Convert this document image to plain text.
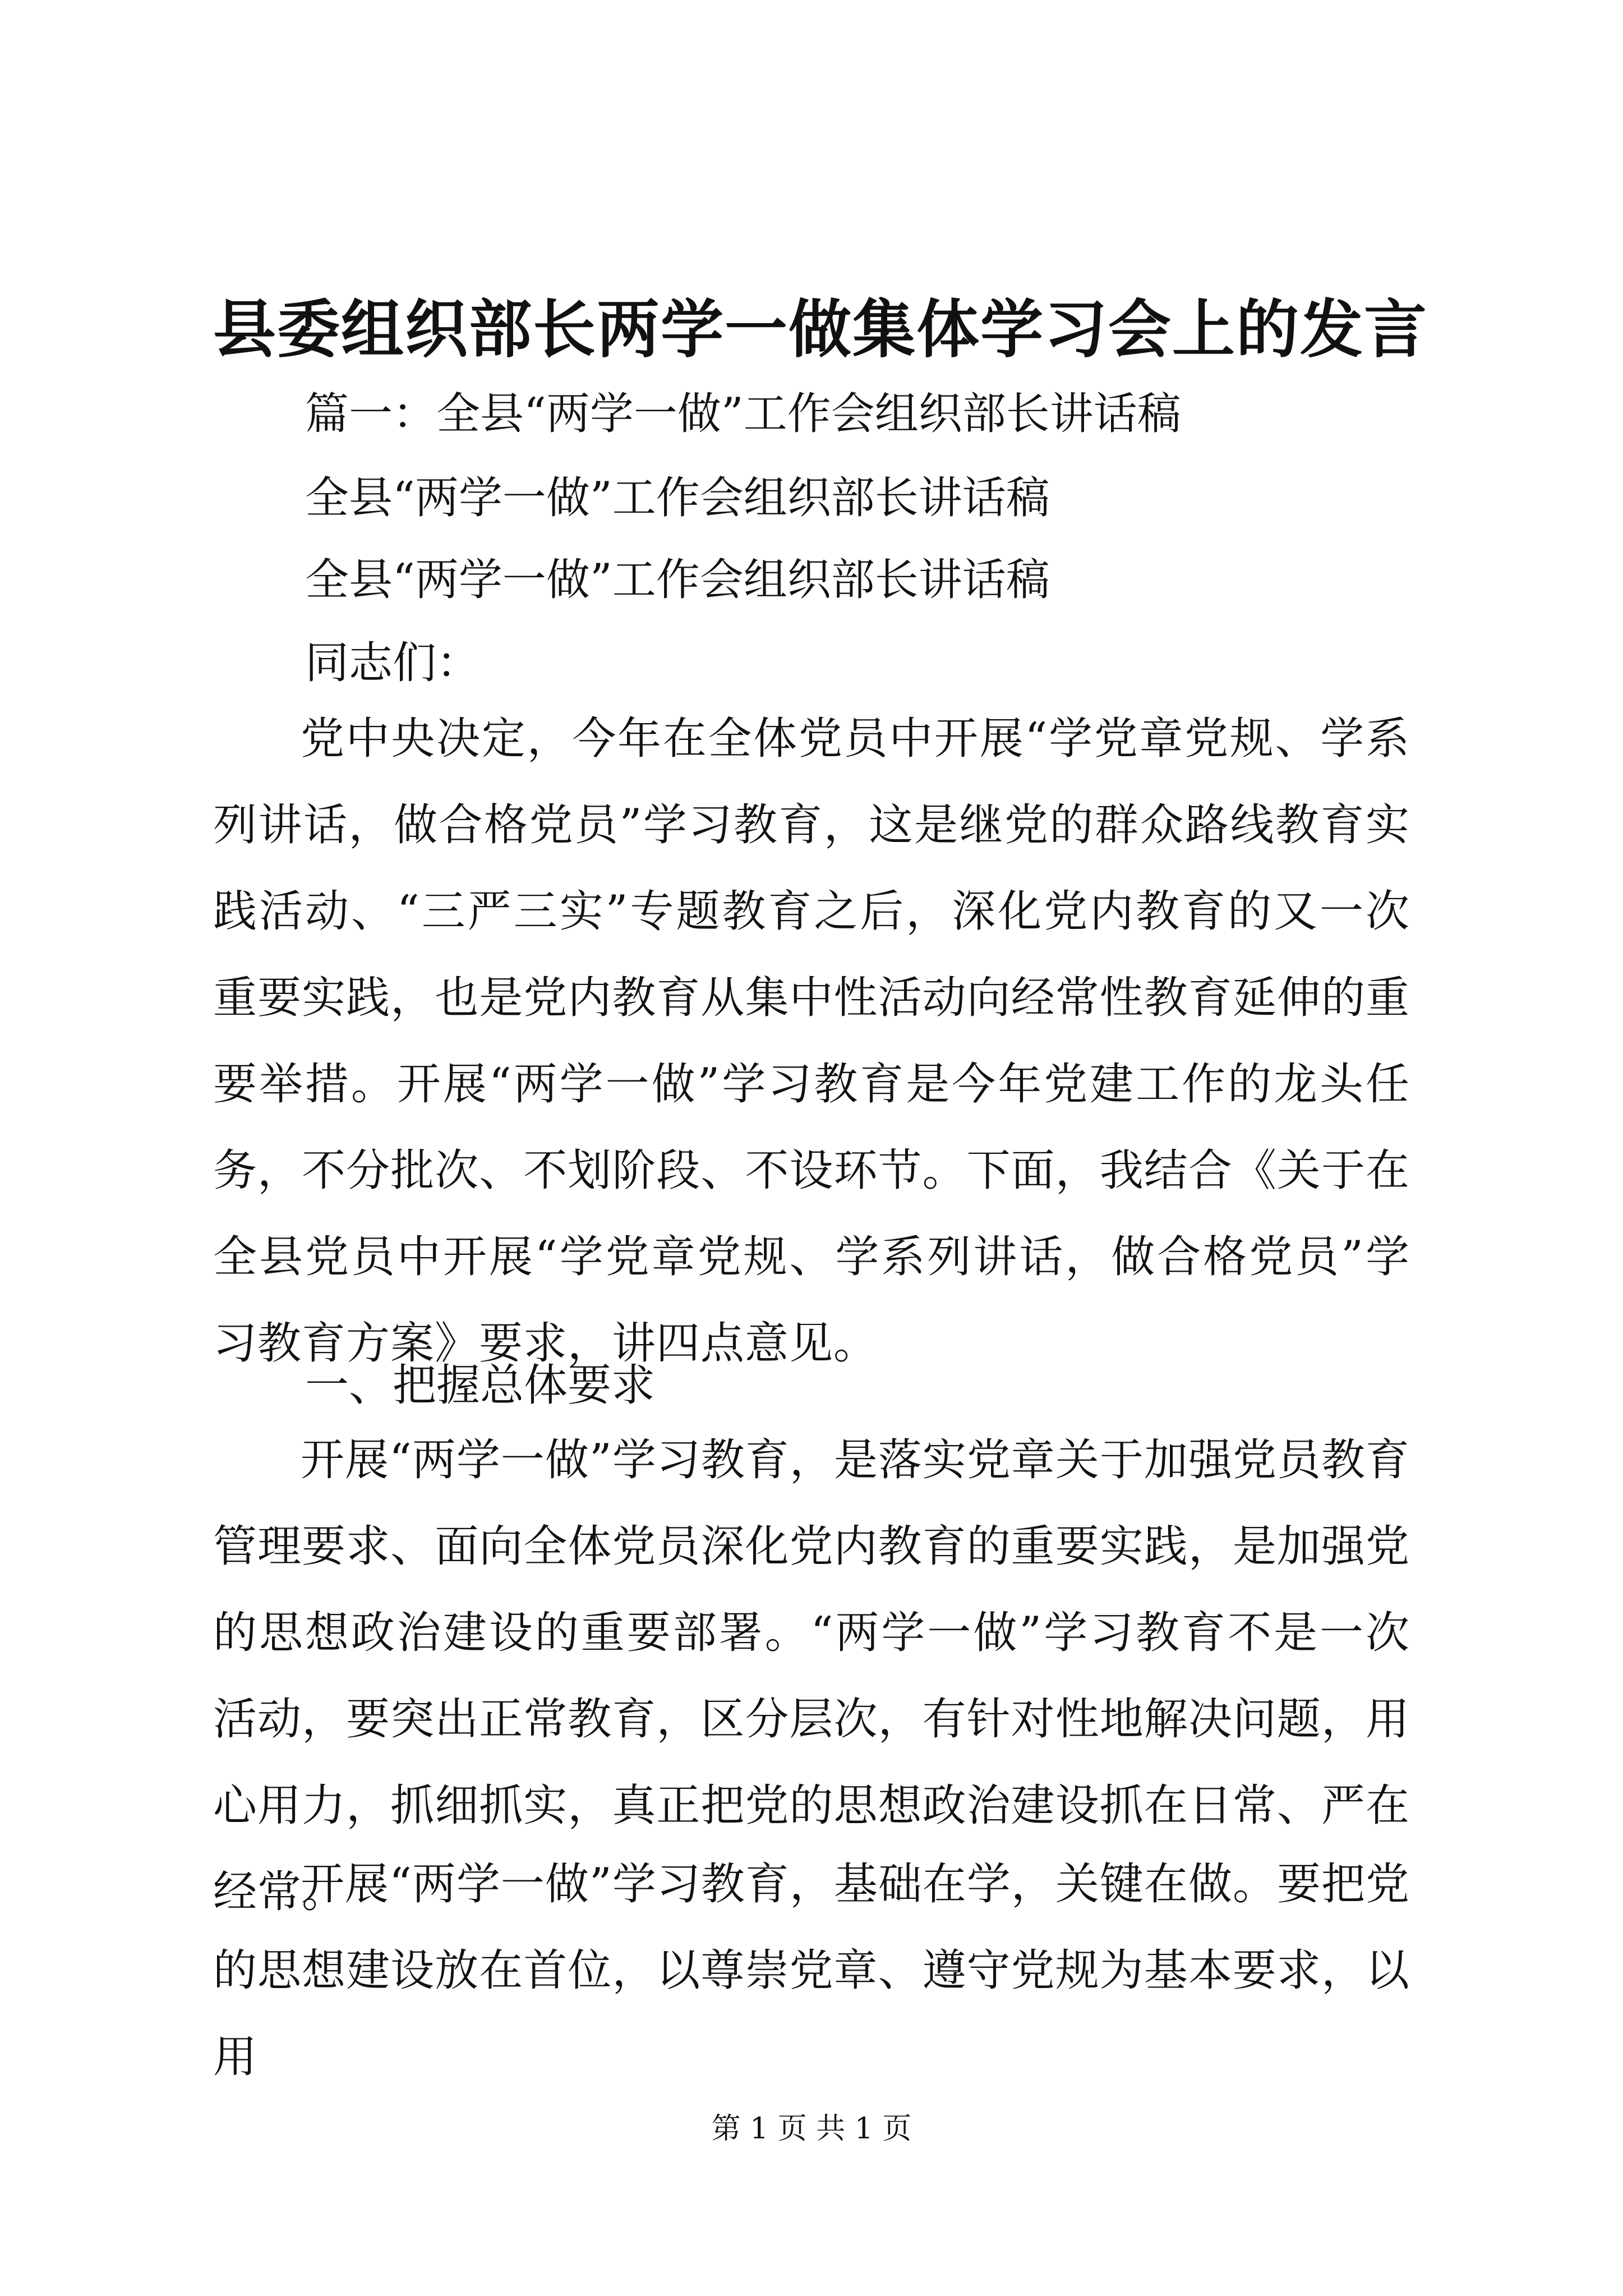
县委组织部长两学一做集体学习会上的发言

篇一：全县“两学一做”工作会组织部长讲话稿

全县“两学一做”工作会组织部长讲话稿

全县“两学一做”工作会组织部长讲话稿

同志们：

党中央决定，今年在全体党员中开展“学党章党规、学系列讲话，做合格党员”学习教育，这是继党的群众路线教育实践活动、“三严三实”专题教育之后，深化党内教育的又一次重要实践，也是党内教育从集中性活动向经常性教育延伸的重要举措。开展“两学一做”学习教育是今年党建工作的龙头任务，不分批次、不划阶段、不设环节。下面，我结合《关于在全县党员中开展“学党章党规、学系列讲话，做合格党员”学习教育方案》要求，讲四点意见。

一、把握总体要求

开展“两学一做”学习教育，是落实党章关于加强党员教育管理要求、面向全体党员深化党内教育的重要实践，是加强党的思想政治建设的重要部署。“两学一做”学习教育不是一次活动，要突出正常教育，区分层次，有针对性地解决问题，用心用力，抓细抓实，真正把党的思想政治建设抓在日常、严在经常。

开展“两学一做”学习教育，基础在学，关键在做。要把党的思想建设放在首位，以尊崇党章、遵守党规为基本要求，以用

第 1 页 共 1 页
